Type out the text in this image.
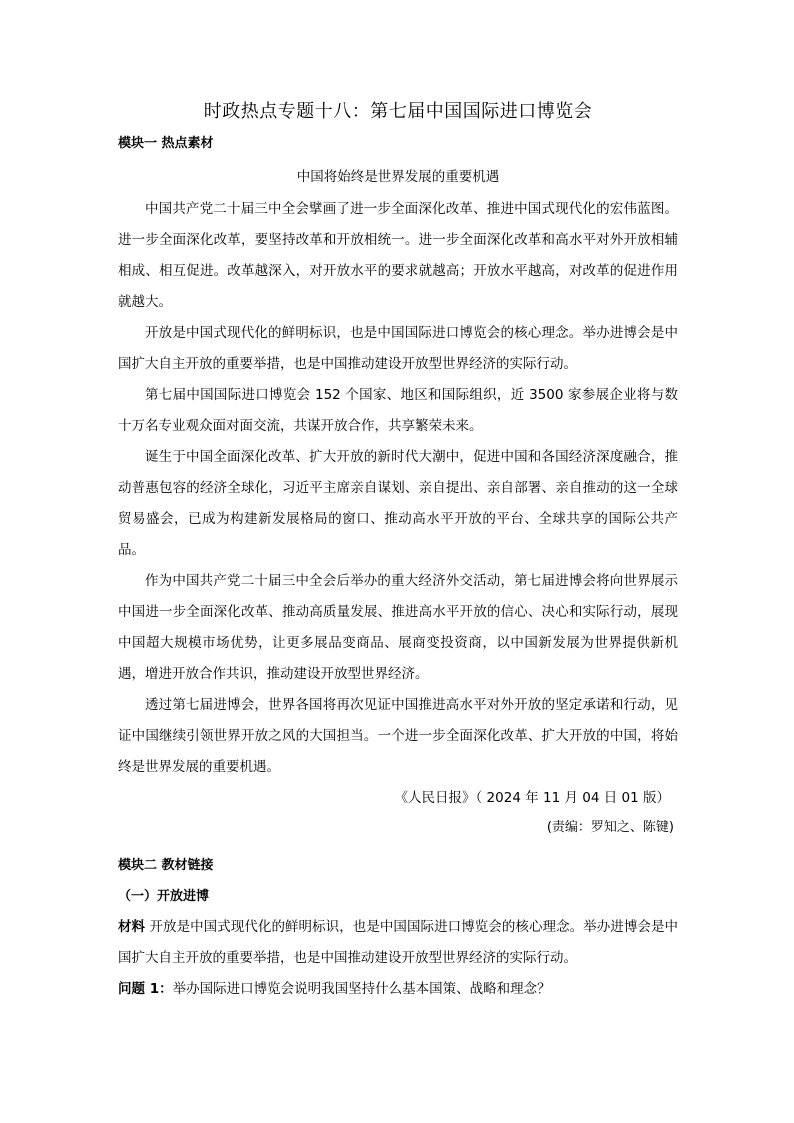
时政热点专题十八：第七届中国国际进口博览会

模块一 热点素材

中国将始终是世界发展的重要机遇

中国共产党二十届三中全会擘画了进一步全面深化改革、推进中国式现代化的宏伟蓝图。进一步全面深化改革，要坚持改革和开放相统一。进一步全面深化改革和高水平对外开放相辅相成、相互促进。改革越深入，对开放水平的要求就越高；开放水平越高，对改革的促进作用就越大。

开放是中国式现代化的鲜明标识，也是中国国际进口博览会的核心理念。举办进博会是中国扩大自主开放的重要举措，也是中国推动建设开放型世界经济的实际行动。

第七届中国国际进口博览会 152 个国家、地区和国际组织，近 3500 家参展企业将与数十万名专业观众面对面交流，共谋开放合作，共享繁荣未来。

诞生于中国全面深化改革、扩大开放的新时代大潮中，促进中国和各国经济深度融合，推动普惠包容的经济全球化，习近平主席亲自谋划、亲自提出、亲自部署、亲自推动的这一全球贸易盛会，已成为构建新发展格局的窗口、推动高水平开放的平台、全球共享的国际公共产品。

作为中国共产党二十届三中全会后举办的重大经济外交活动，第七届进博会将向世界展示中国进一步全面深化改革、推动高质量发展、推进高水平开放的信心、决心和实际行动，展现中国超大规模市场优势，让更多展品变商品、展商变投资商，以中国新发展为世界提供新机遇，增进开放合作共识，推动建设开放型世界经济。

透过第七届进博会，世界各国将再次见证中国推进高水平对外开放的坚定承诺和行动，见证中国继续引领世界开放之风的大国担当。一个进一步全面深化改革、扩大开放的中国，将始终是世界发展的重要机遇。

《人民日报》（ 2024 年 11 月 04 日 01 版）

(责编：罗知之、陈键)

模块二 教材链接

（一）开放进博

材料 开放是中国式现代化的鲜明标识，也是中国国际进口博览会的核心理念。举办进博会是中国扩大自主开放的重要举措，也是中国推动建设开放型世界经济的实际行动。

问题 1：举办国际进口博览会说明我国坚持什么基本国策、战略和理念？
